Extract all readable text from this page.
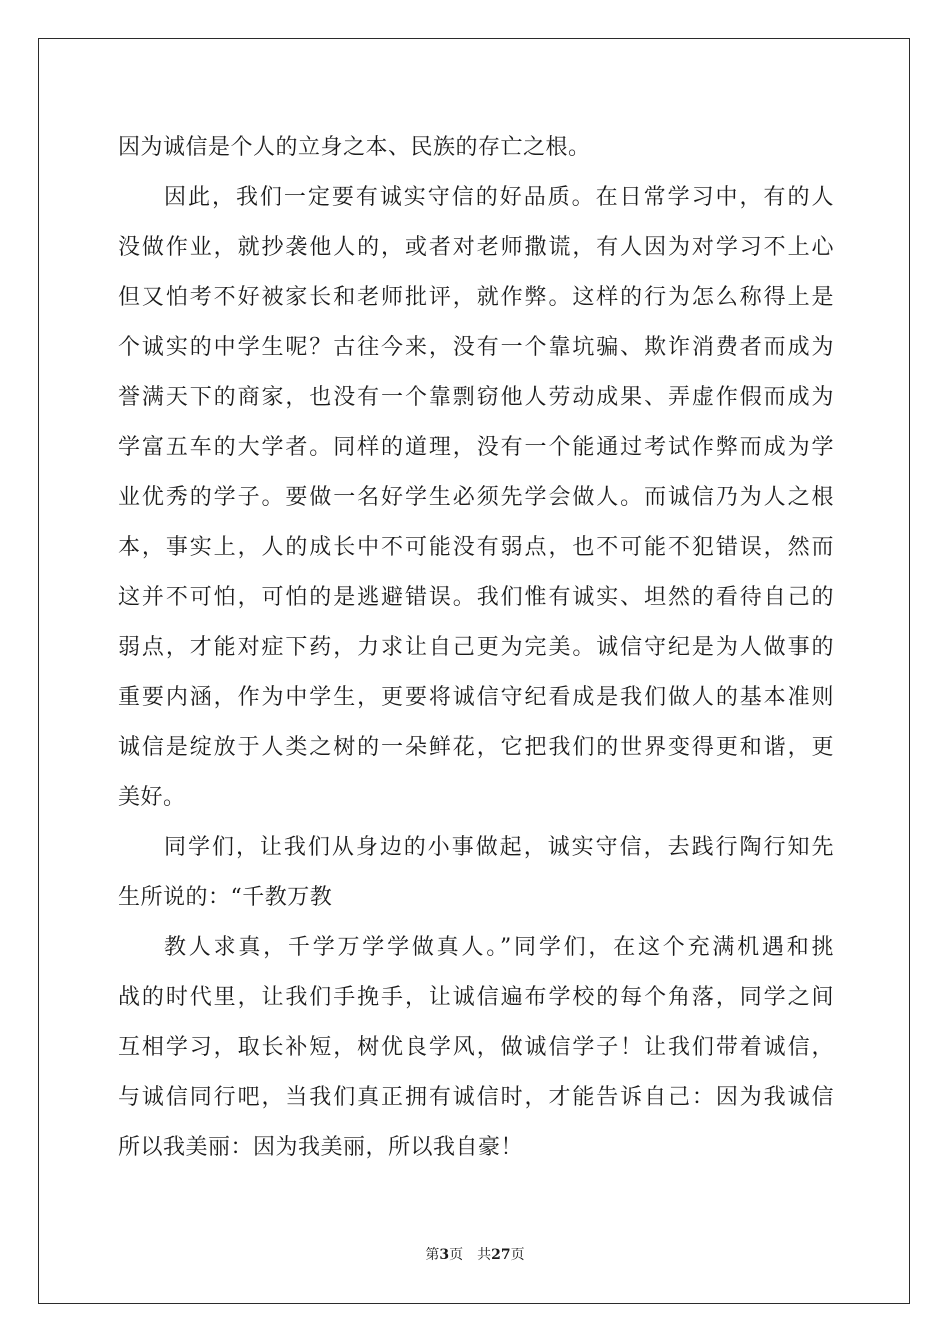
因为诚信是个人的立身之本、民族的存亡之根。
因此，我们一定要有诚实守信的好品质。在日常学习中，有的人
没做作业，就抄袭他人的，或者对老师撒谎，有人因为对学习不上心
但又怕考不好被家长和老师批评，就作弊。这样的行为怎么称得上是
个诚实的中学生呢？古往今来，没有一个靠坑骗、欺诈消费者而成为
誉满天下的商家，也没有一个靠剽窃他人劳动成果、弄虚作假而成为
学富五车的大学者。同样的道理，没有一个能通过考试作弊而成为学
业优秀的学子。要做一名好学生必须先学会做人。而诚信乃为人之根
本，事实上，人的成长中不可能没有弱点，也不可能不犯错误，然而
这并不可怕，可怕的是逃避错误。我们惟有诚实、坦然的看待自己的
弱点，才能对症下药，力求让自己更为完美。诚信守纪是为人做事的
重要内涵，作为中学生，更要将诚信守纪看成是我们做人的基本准则
诚信是绽放于人类之树的一朵鲜花，它把我们的世界变得更和谐，更
美好。
同学们，让我们从身边的小事做起，诚实守信，去践行陶行知先
生所说的：“千教万教
教人求真，千学万学学做真人。”同学们，在这个充满机遇和挑
战的时代里，让我们手挽手，让诚信遍布学校的每个角落，同学之间
互相学习，取长补短，树优良学风，做诚信学子！让我们带着诚信，
与诚信同行吧，当我们真正拥有诚信时，才能告诉自己：因为我诚信
所以我美丽：因为我美丽，所以我自豪！
第3页 共27页
